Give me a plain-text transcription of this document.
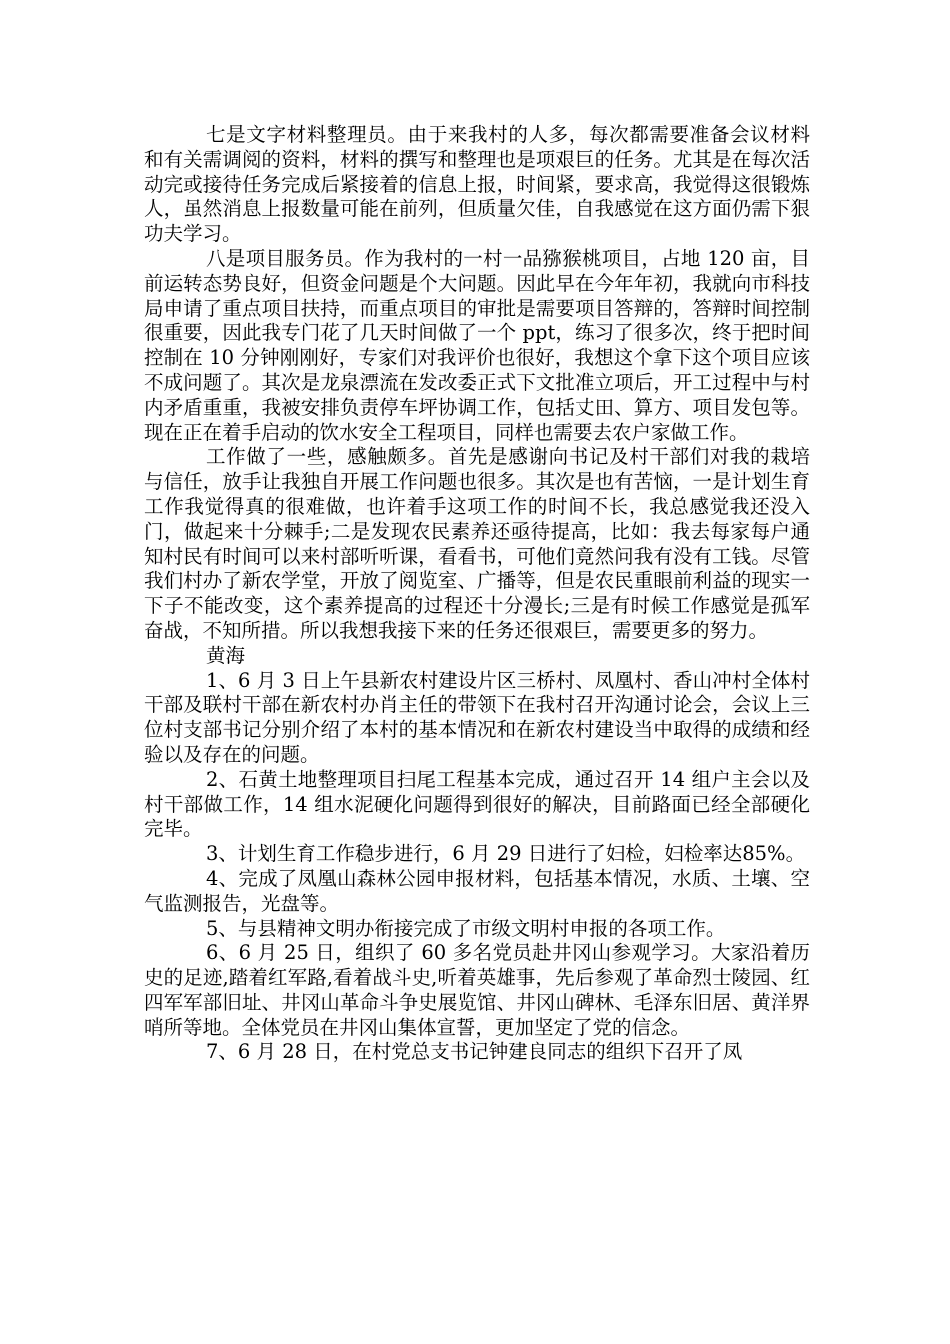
七是文字材料整理员。由于来我村的人多，每次都需要准备会议材料和有关需调阅的资料，材料的撰写和整理也是项艰巨的任务。尤其是在每次活动完或接待任务完成后紧接着的信息上报，时间紧，要求高，我觉得这很锻炼人，虽然消息上报数量可能在前列，但质量欠佳，自我感觉在这方面仍需下狠功夫学习。

八是项目服务员。作为我村的一村一品猕猴桃项目，占地 120 亩，目前运转态势良好，但资金问题是个大问题。因此早在今年年初，我就向市科技局申请了重点项目扶持，而重点项目的审批是需要项目答辩的，答辩时间控制很重要，因此我专门花了几天时间做了一个 ppt，练习了很多次，终于把时间控制在 10 分钟刚刚好，专家们对我评价也很好，我想这个拿下这个项目应该不成问题了。其次是龙泉漂流在发改委正式下文批准立项后，开工过程中与村内矛盾重重，我被安排负责停车坪协调工作，包括丈田、算方、项目发包等。现在正在着手启动的饮水安全工程项目，同样也需要去农户家做工作。

工作做了一些，感触颇多。首先是感谢向书记及村干部们对我的栽培与信任，放手让我独自开展工作问题也很多。其次是也有苦恼，一是计划生育工作我觉得真的很难做，也许着手这项工作的时间不长，我总感觉我还没入门，做起来十分棘手;二是发现农民素养还亟待提高，比如：我去每家每户通知村民有时间可以来村部听听课，看看书，可他们竟然问我有没有工钱。尽管我们村办了新农学堂，开放了阅览室、广播等，但是农民重眼前利益的现实一下子不能改变，这个素养提高的过程还十分漫长;三是有时候工作感觉是孤军奋战，不知所措。所以我想我接下来的任务还很艰巨，需要更多的努力。

黄海

1、6 月 3 日上午县新农村建设片区三桥村、凤凰村、香山冲村全体村干部及联村干部在新农村办肖主任的带领下在我村召开沟通讨论会，会议上三位村支部书记分别介绍了本村的基本情况和在新农村建设当中取得的成绩和经验以及存在的问题。

2、石黄土地整理项目扫尾工程基本完成，通过召开 14 组户主会以及村干部做工作，14 组水泥硬化问题得到很好的解决，目前路面已经全部硬化完毕。

3、计划生育工作稳步进行，6 月 29 日进行了妇检，妇检率达85%。

4、完成了凤凰山森林公园申报材料，包括基本情况，水质、土壤、空气监测报告，光盘等。

5、与县精神文明办衔接完成了市级文明村申报的各项工作。

6、6 月 25 日，组织了 60 多名党员赴井冈山参观学习。大家沿着历史的足迹,踏着红军路,看着战斗史,听着英雄事，先后参观了革命烈士陵园、红四军军部旧址、井冈山革命斗争史展览馆、井冈山碑林、毛泽东旧居、黄洋界哨所等地。全体党员在井冈山集体宣誓，更加坚定了党的信念。

7、6 月 28 日，在村党总支书记钟建良同志的组织下召开了凤
